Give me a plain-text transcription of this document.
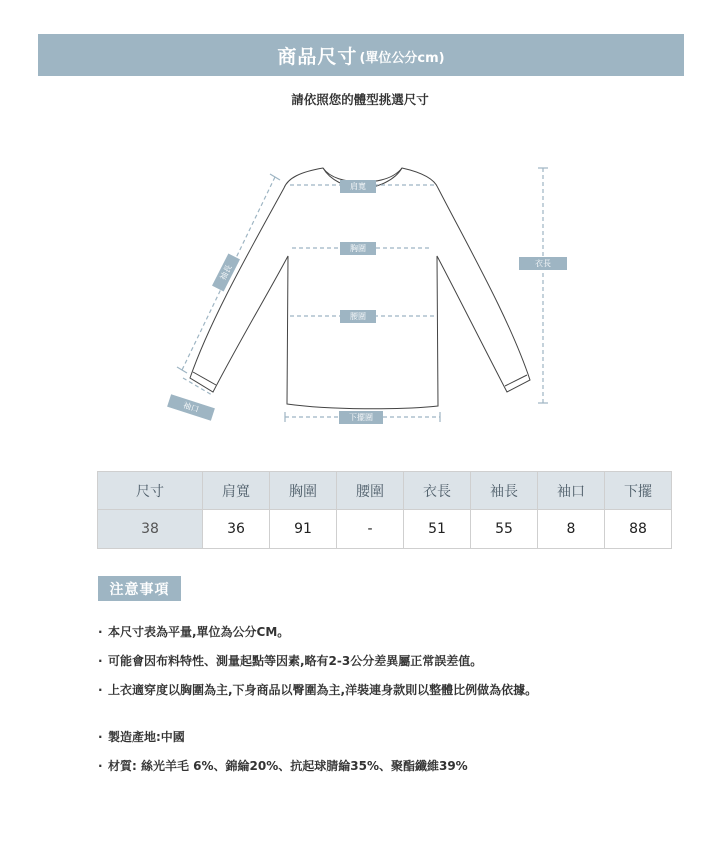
商品尺寸 (單位公分cm)
請依照您的體型挑選尺寸
肩寬
胸圍
腰圍
下擺圍
衣長
袖長
袖口
尺寸	肩寬	胸圍	腰圍	衣長	袖長	袖口	下擺
38	36	91	-	51	55	8	88
注意事項
· 本尺寸表為平量,單位為公分CM。
· 可能會因布料特性、測量起點等因素,略有2-3公分差異屬正常誤差值。
· 上衣適穿度以胸圍為主,下身商品以臀圍為主,洋裝連身款則以整體比例做為依據。
· 製造產地:中國
· 材質: 絲光羊毛 6%、錦綸20%、抗起球腈綸35%、聚酯纖維39%
